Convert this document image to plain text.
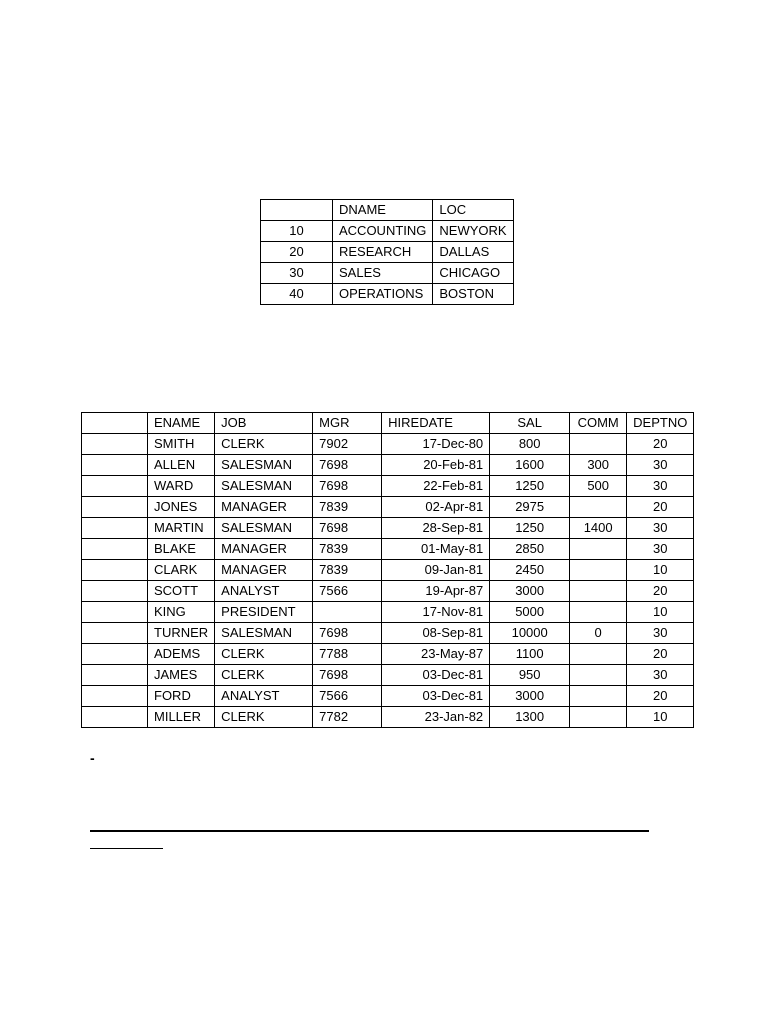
	DNAME	LOC
10	ACCOUNTING	NEWYORK
20	RESEARCH	DALLAS
30	SALES	CHICAGO
40	OPERATIONS	BOSTON
	ENAME	JOB	MGR	HIREDATE	SAL	COMM	DEPTNO
	SMITH	CLERK	7902	17-Dec-80	800		20
	ALLEN	SALESMAN	7698	20-Feb-81	1600	300	30
	WARD	SALESMAN	7698	22-Feb-81	1250	500	30
	JONES	MANAGER	7839	02-Apr-81	2975		20
	MARTIN	SALESMAN	7698	28-Sep-81	1250	1400	30
	BLAKE	MANAGER	7839	01-May-81	2850		30
	CLARK	MANAGER	7839	09-Jan-81	2450		10
	SCOTT	ANALYST	7566	19-Apr-87	3000		20
	KING	PRESIDENT		17-Nov-81	5000		10
	TURNER	SALESMAN	7698	08-Sep-81	10000	0	30
	ADEMS	CLERK	7788	23-May-87	1100		20
	JAMES	CLERK	7698	03-Dec-81	950		30
	FORD	ANALYST	7566	03-Dec-81	3000		20
	MILLER	CLERK	7782	23-Jan-82	1300		10
-
